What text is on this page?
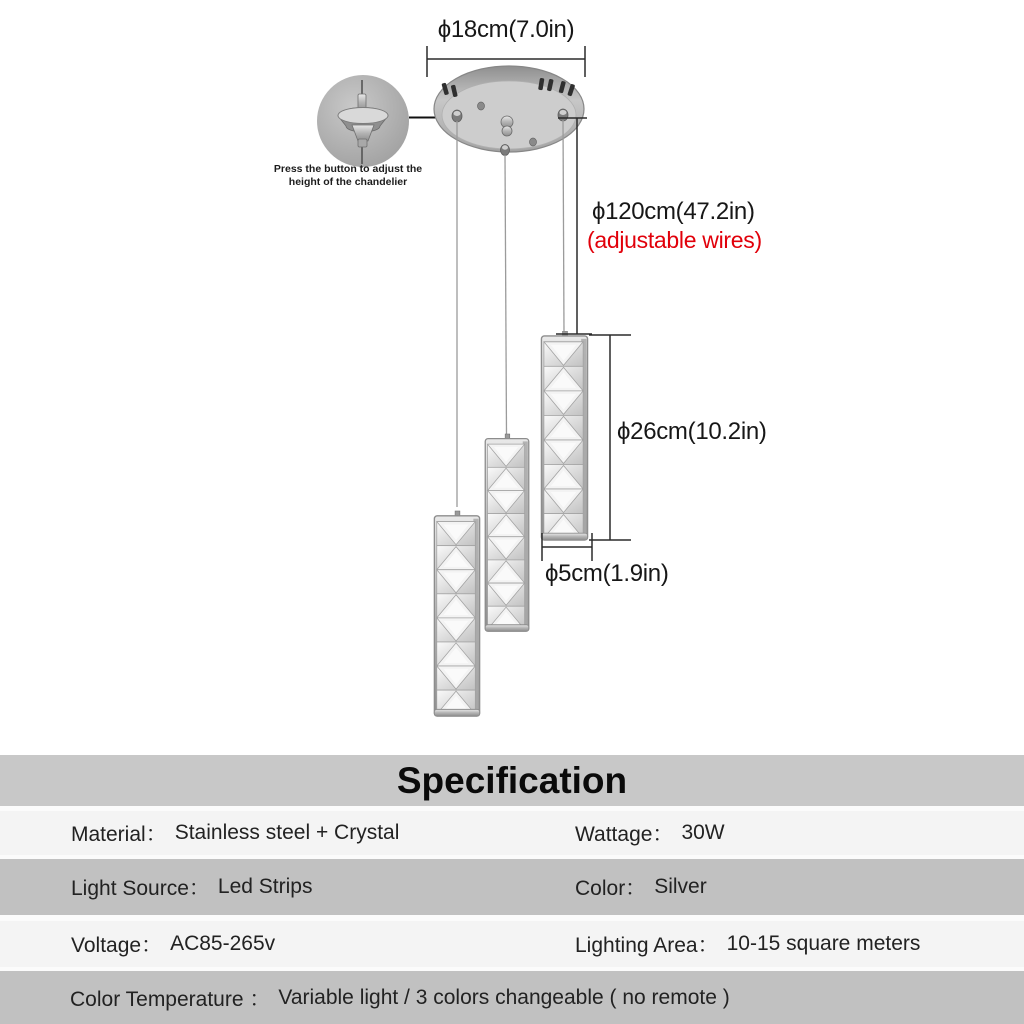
ϕ18cm(7.0in)
ϕ120cm(47.2in)
(adjustable wires)
ϕ26cm(10.2in)
ϕ5cm(1.9in)
Press the button to adjust the
height of the chandelier
Specification
Material： Stainless steel + Crystal	Wattage： 30W
Light Source： Led Strips	Color： Silver
Voltage： AC85-265v	Lighting Area： 10-15 square meters
Color Temperature ： Variable light / 3 colors changeable ( no remote )
